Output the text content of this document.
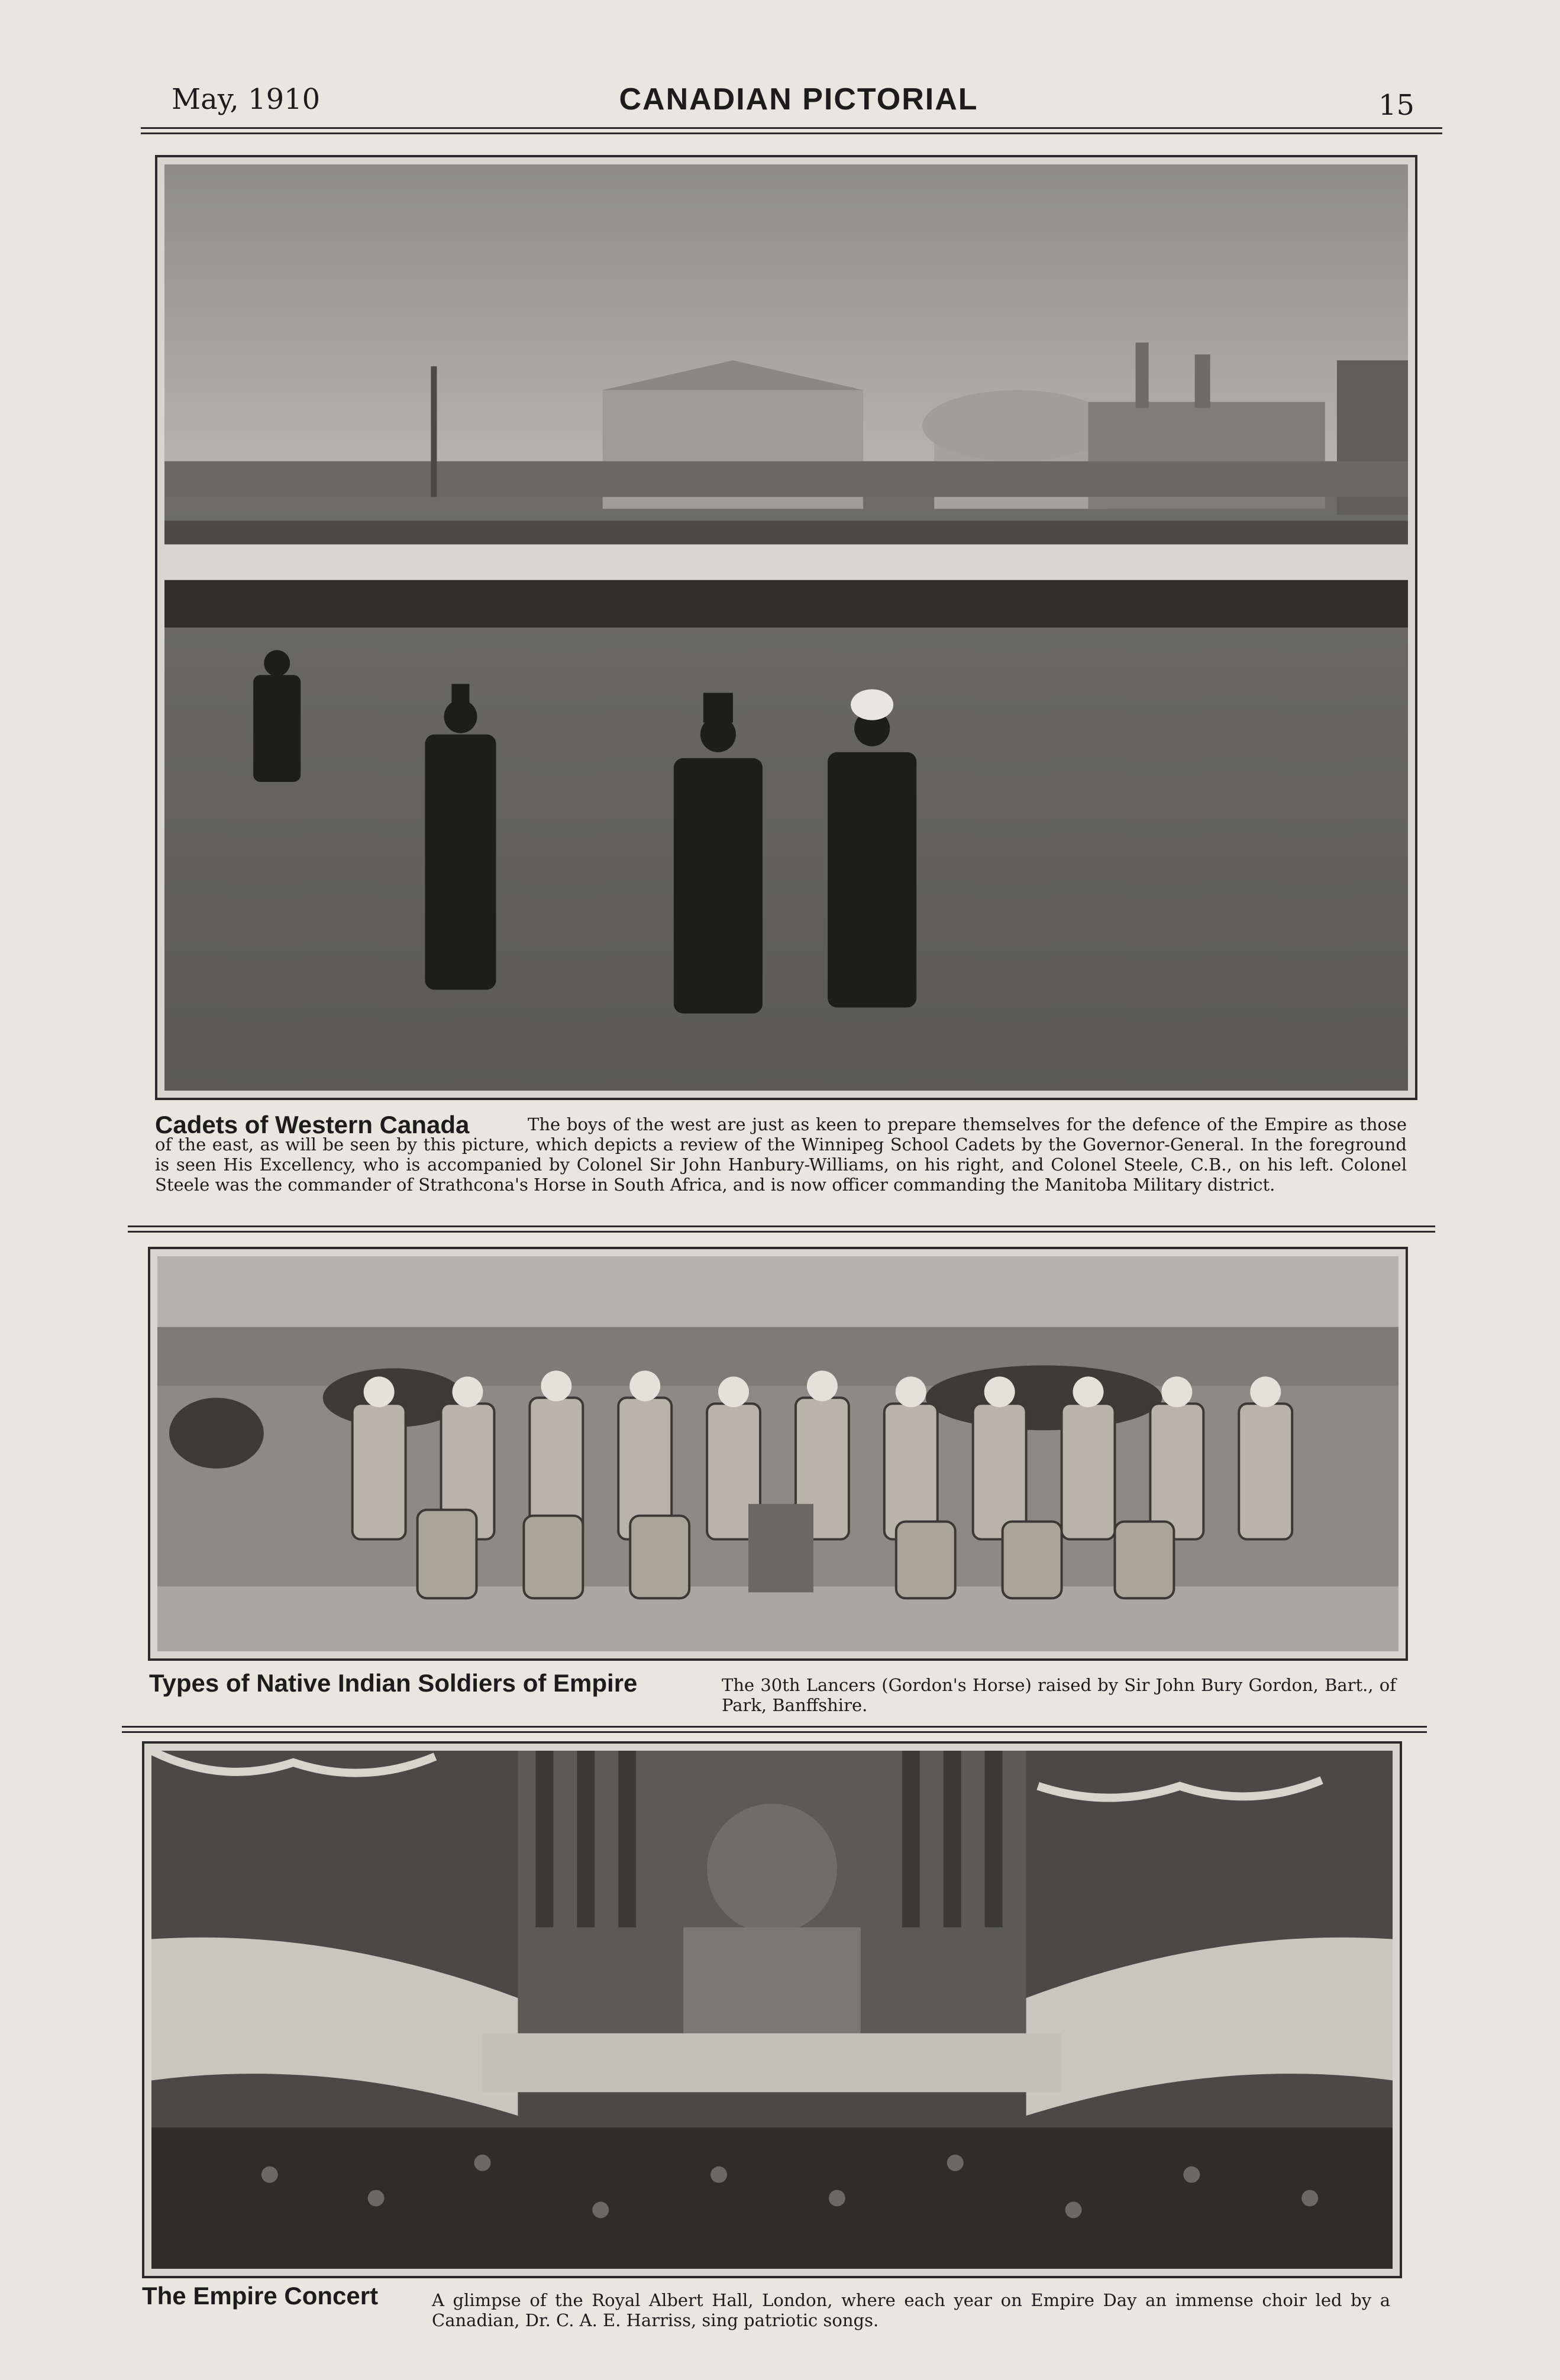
May, 1910	CANADIAN PICTORIAL	15
Cadets of Western Canada	The boys of the west are just as keen to prepare themselves for the defence of the Empire as those of the east, as will be seen by this picture, which depicts a review of the Winnipeg School Cadets by the Governor-General. In the foreground is seen His Excellency, who is accompanied by Colonel Sir John Hanbury-Williams, on his right, and Colonel Steele, C.B., on his left. Colonel Steele was the commander of Strathcona's Horse in South Africa, and is now officer commanding the Manitoba Military district.
Types of Native Indian Soldiers of Empire	The 30th Lancers (Gordon's Horse) raised by Sir John Bury Gordon, Bart., of Park, Banffshire.
The Empire Concert	A glimpse of the Royal Albert Hall, London, where each year on Empire Day an immense choir led by a Canadian, Dr. C. A. E. Harriss, sing patriotic songs.
